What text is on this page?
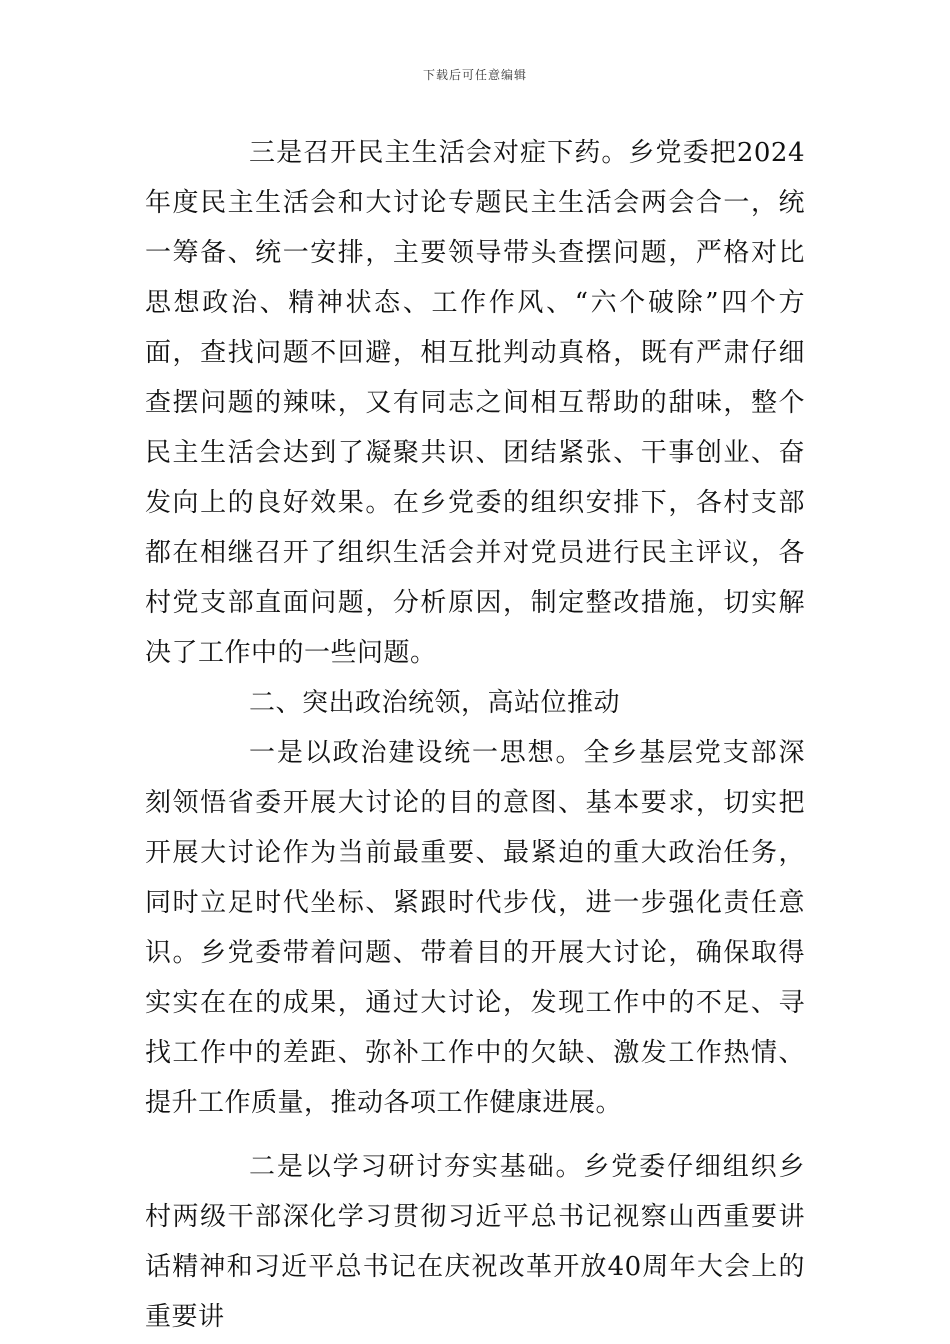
下载后可任意编辑

三是召开民主生活会对症下药。乡党委把2024年度民主生活会和大讨论专题民主生活会两会合一，统一筹备、统一安排，主要领导带头查摆问题，严格对比思想政治、精神状态、工作作风、“六个破除”四个方面，查找问题不回避，相互批判动真格，既有严肃仔细查摆问题的辣味，又有同志之间相互帮助的甜味，整个民主生活会达到了凝聚共识、团结紧张、干事创业、奋发向上的良好效果。在乡党委的组织安排下，各村支部都在相继召开了组织生活会并对党员进行民主评议，各村党支部直面问题，分析原因，制定整改措施，切实解决了工作中的一些问题。

二、突出政治统领，高站位推动

一是以政治建设统一思想。全乡基层党支部深刻领悟省委开展大讨论的目的意图、基本要求，切实把开展大讨论作为当前最重要、最紧迫的重大政治任务，同时立足时代坐标、紧跟时代步伐，进一步强化责任意识。乡党委带着问题、带着目的开展大讨论，确保取得实实在在的成果，通过大讨论，发现工作中的不足、寻找工作中的差距、弥补工作中的欠缺、激发工作热情、提升工作质量，推动各项工作健康进展。

二是以学习研讨夯实基础。乡党委仔细组织乡村两级干部深化学习贯彻习近平总书记视察山西重要讲话精神和习近平总书记在庆祝改革开放40周年大会上的重要讲
